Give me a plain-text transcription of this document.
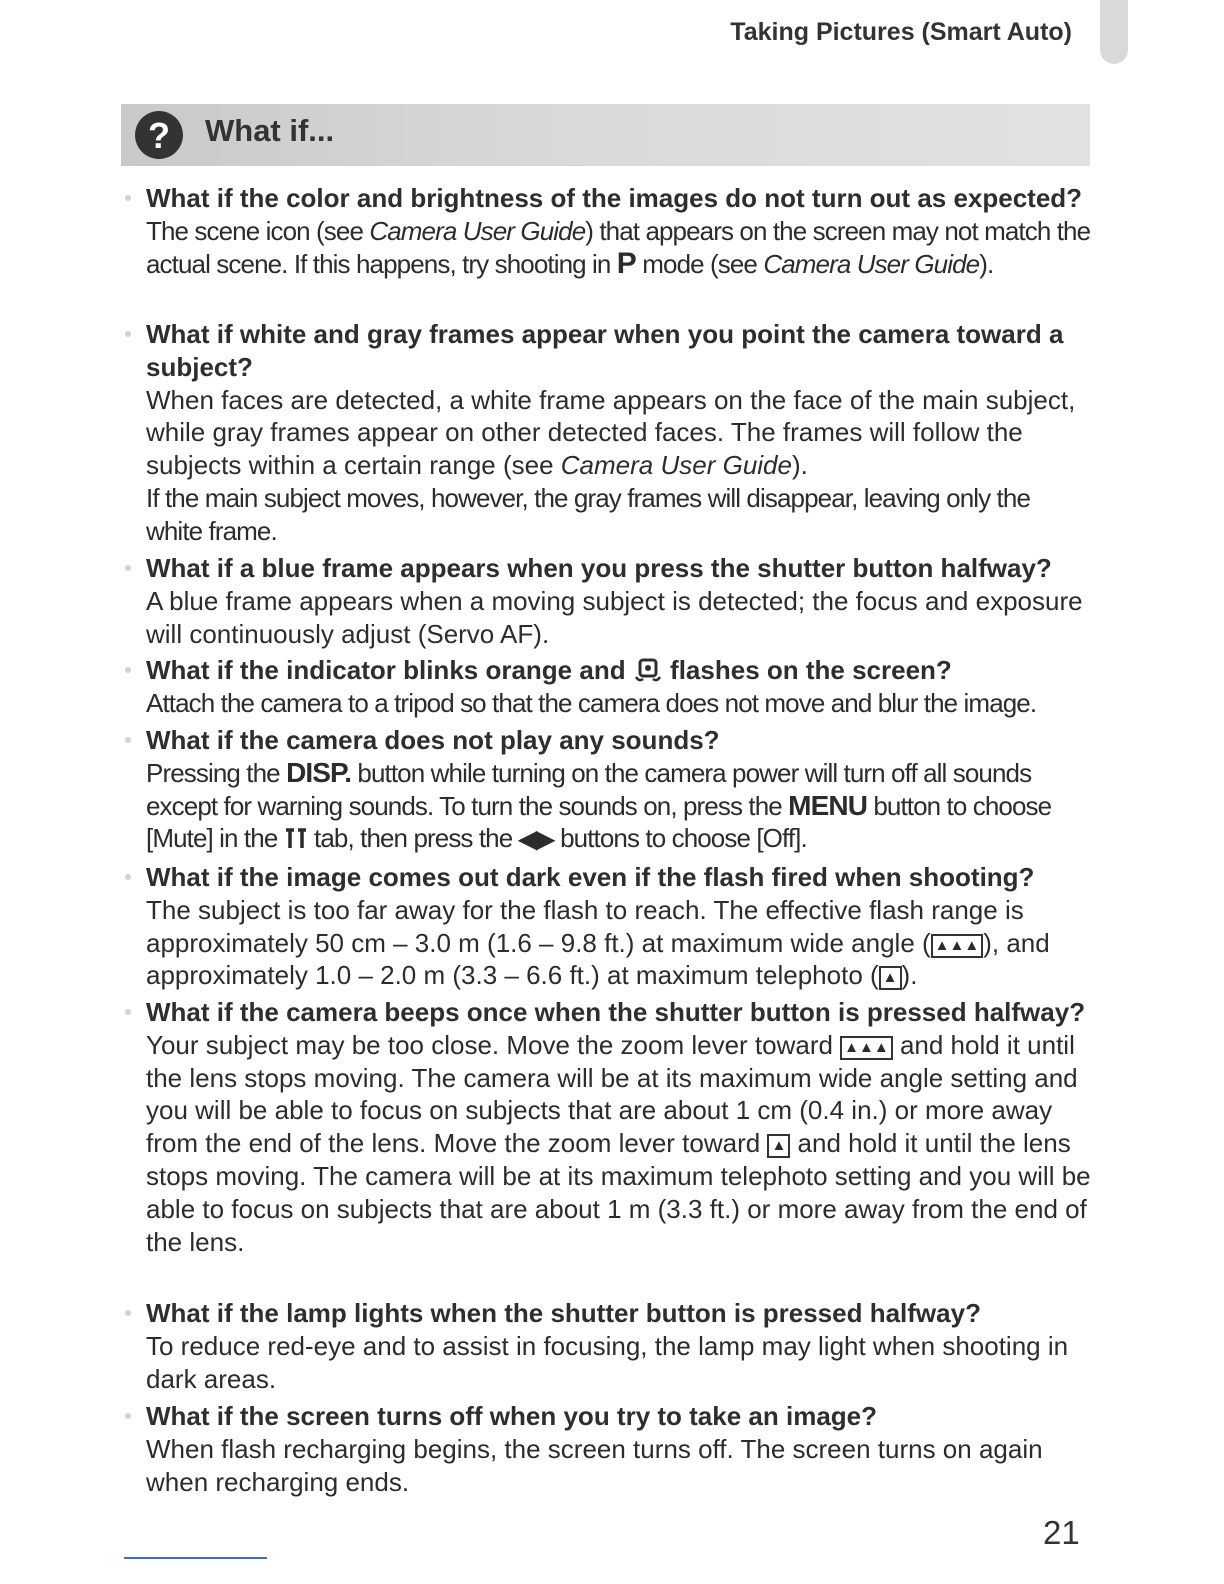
Taking Pictures (Smart Auto)
?	What if...
What if the color and brightness of the images do not turn out as expected?

The scene icon (see Camera User Guide) that appears on the screen may not match the actual scene. If this happens, try shooting in P mode (see Camera User Guide).

What if white and gray frames appear when you point the camera toward a subject?

When faces are detected, a white frame appears on the face of the main subject, while gray frames appear on other detected faces. The frames will follow the subjects within a certain range (see Camera User Guide).

If the main subject moves, however, the gray frames will disappear, leaving only the white frame.

What if a blue frame appears when you press the shutter button halfway?

A blue frame appears when a moving subject is detected; the focus and exposure will continuously adjust (Servo AF).

What if the indicator blinks orange and  flashes on the screen?

Attach the camera to a tripod so that the camera does not move and blur the image.

What if the camera does not play any sounds?

Pressing the DISP. button while turning on the camera power will turn off all sounds except for warning sounds. To turn the sounds on, press the MENU button to choose [Mute] in the  tab, then press the ◀▶ buttons to choose [Off].

What if the image comes out dark even if the flash fired when shooting?

The subject is too far away for the flash to reach. The effective flash range is approximately 50 cm – 3.0 m (1.6 – 9.8 ft.) at maximum wide angle ( ▲▲▲ ), and approximately 1.0 – 2.0 m (3.3 – 6.6 ft.) at maximum telephoto ( ▲ ).

What if the camera beeps once when the shutter button is pressed halfway?

Your subject may be too close. Move the zoom lever toward ▲▲▲ and hold it until the lens stops moving. The camera will be at its maximum wide angle setting and you will be able to focus on subjects that are about 1 cm (0.4 in.) or more away from the end of the lens. Move the zoom lever toward ▲ and hold it until the lens stops moving. The camera will be at its maximum telephoto setting and you will be able to focus on subjects that are about 1 m (3.3 ft.) or more away from the end of the lens.

What if the lamp lights when the shutter button is pressed halfway?

To reduce red-eye and to assist in focusing, the lamp may light when shooting in dark areas.

What if the screen turns off when you try to take an image?

When flash recharging begins, the screen turns off. The screen turns on again when recharging ends.

21
